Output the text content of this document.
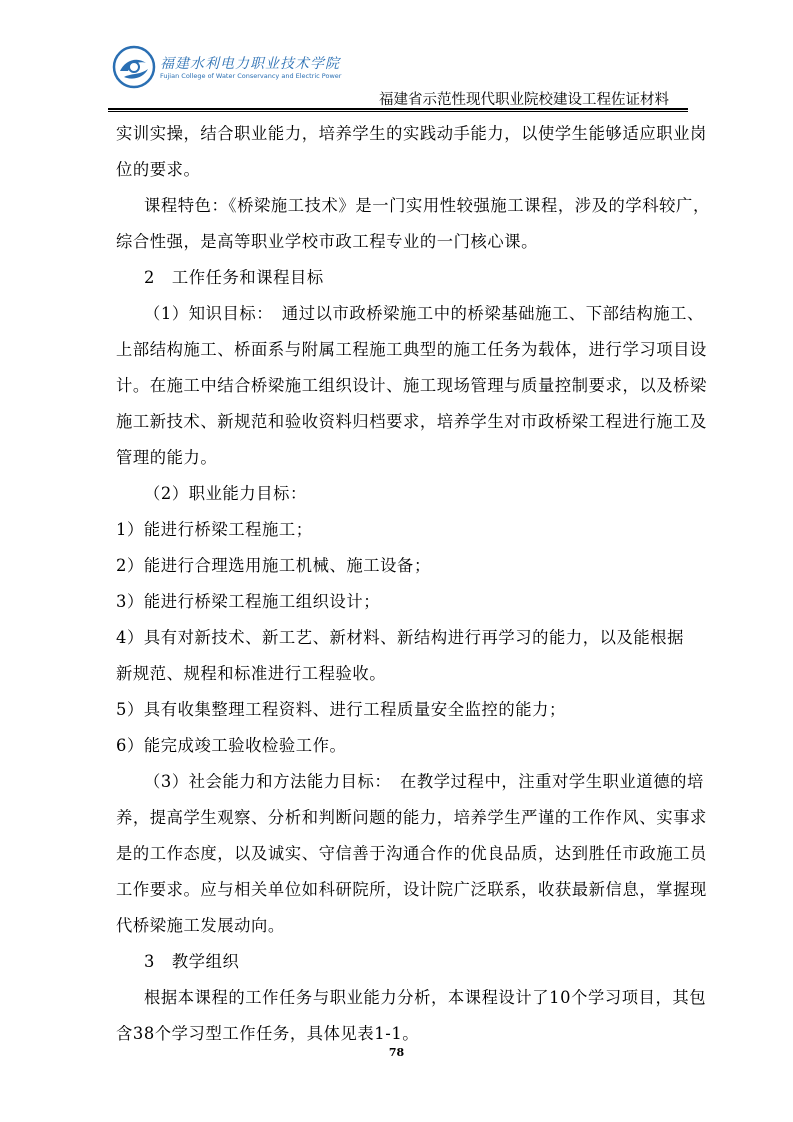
福建水利电力职业技术学院
Fujian College of Water Conservancy and Electric Power
福建省示范性现代职业院校建设工程佐证材料
实训实操，结合职业能力，培养学生的实践动手能力，以使学生能够适应职业岗
位的要求。
课程特色：《桥梁施工技术》是一门实用性较强施工课程，涉及的学科较广，
综合性强，是高等职业学校市政工程专业的一门核心课。
2　工作任务和课程目标
（1）知识目标：　通过以市政桥梁施工中的桥梁基础施工、下部结构施工、
上部结构施工、桥面系与附属工程施工典型的施工任务为载体，进行学习项目设
计。在施工中结合桥梁施工组织设计、施工现场管理与质量控制要求，以及桥梁
施工新技术、新规范和验收资料归档要求，培养学生对市政桥梁工程进行施工及
管理的能力。
（2）职业能力目标：
1）能进行桥梁工程施工；
2）能进行合理选用施工机械、施工设备；
3）能进行桥梁工程施工组织设计；
4）具有对新技术、新工艺、新材料、新结构进行再学习的能力，以及能根据
新规范、规程和标准进行工程验收。
5）具有收集整理工程资料、进行工程质量安全监控的能力；
6）能完成竣工验收检验工作。
（3）社会能力和方法能力目标：　在教学过程中，注重对学生职业道德的培
养，提高学生观察、分析和判断问题的能力，培养学生严谨的工作作风、实事求
是的工作态度，以及诚实、守信善于沟通合作的优良品质，达到胜任市政施工员
工作要求。应与相关单位如科研院所，设计院广泛联系，收获最新信息，掌握现
代桥梁施工发展动向。
3　教学组织
根据本课程的工作任务与职业能力分析，本课程设计了10个学习项目，其包
含38个学习型工作任务，具体见表1-1。
78
